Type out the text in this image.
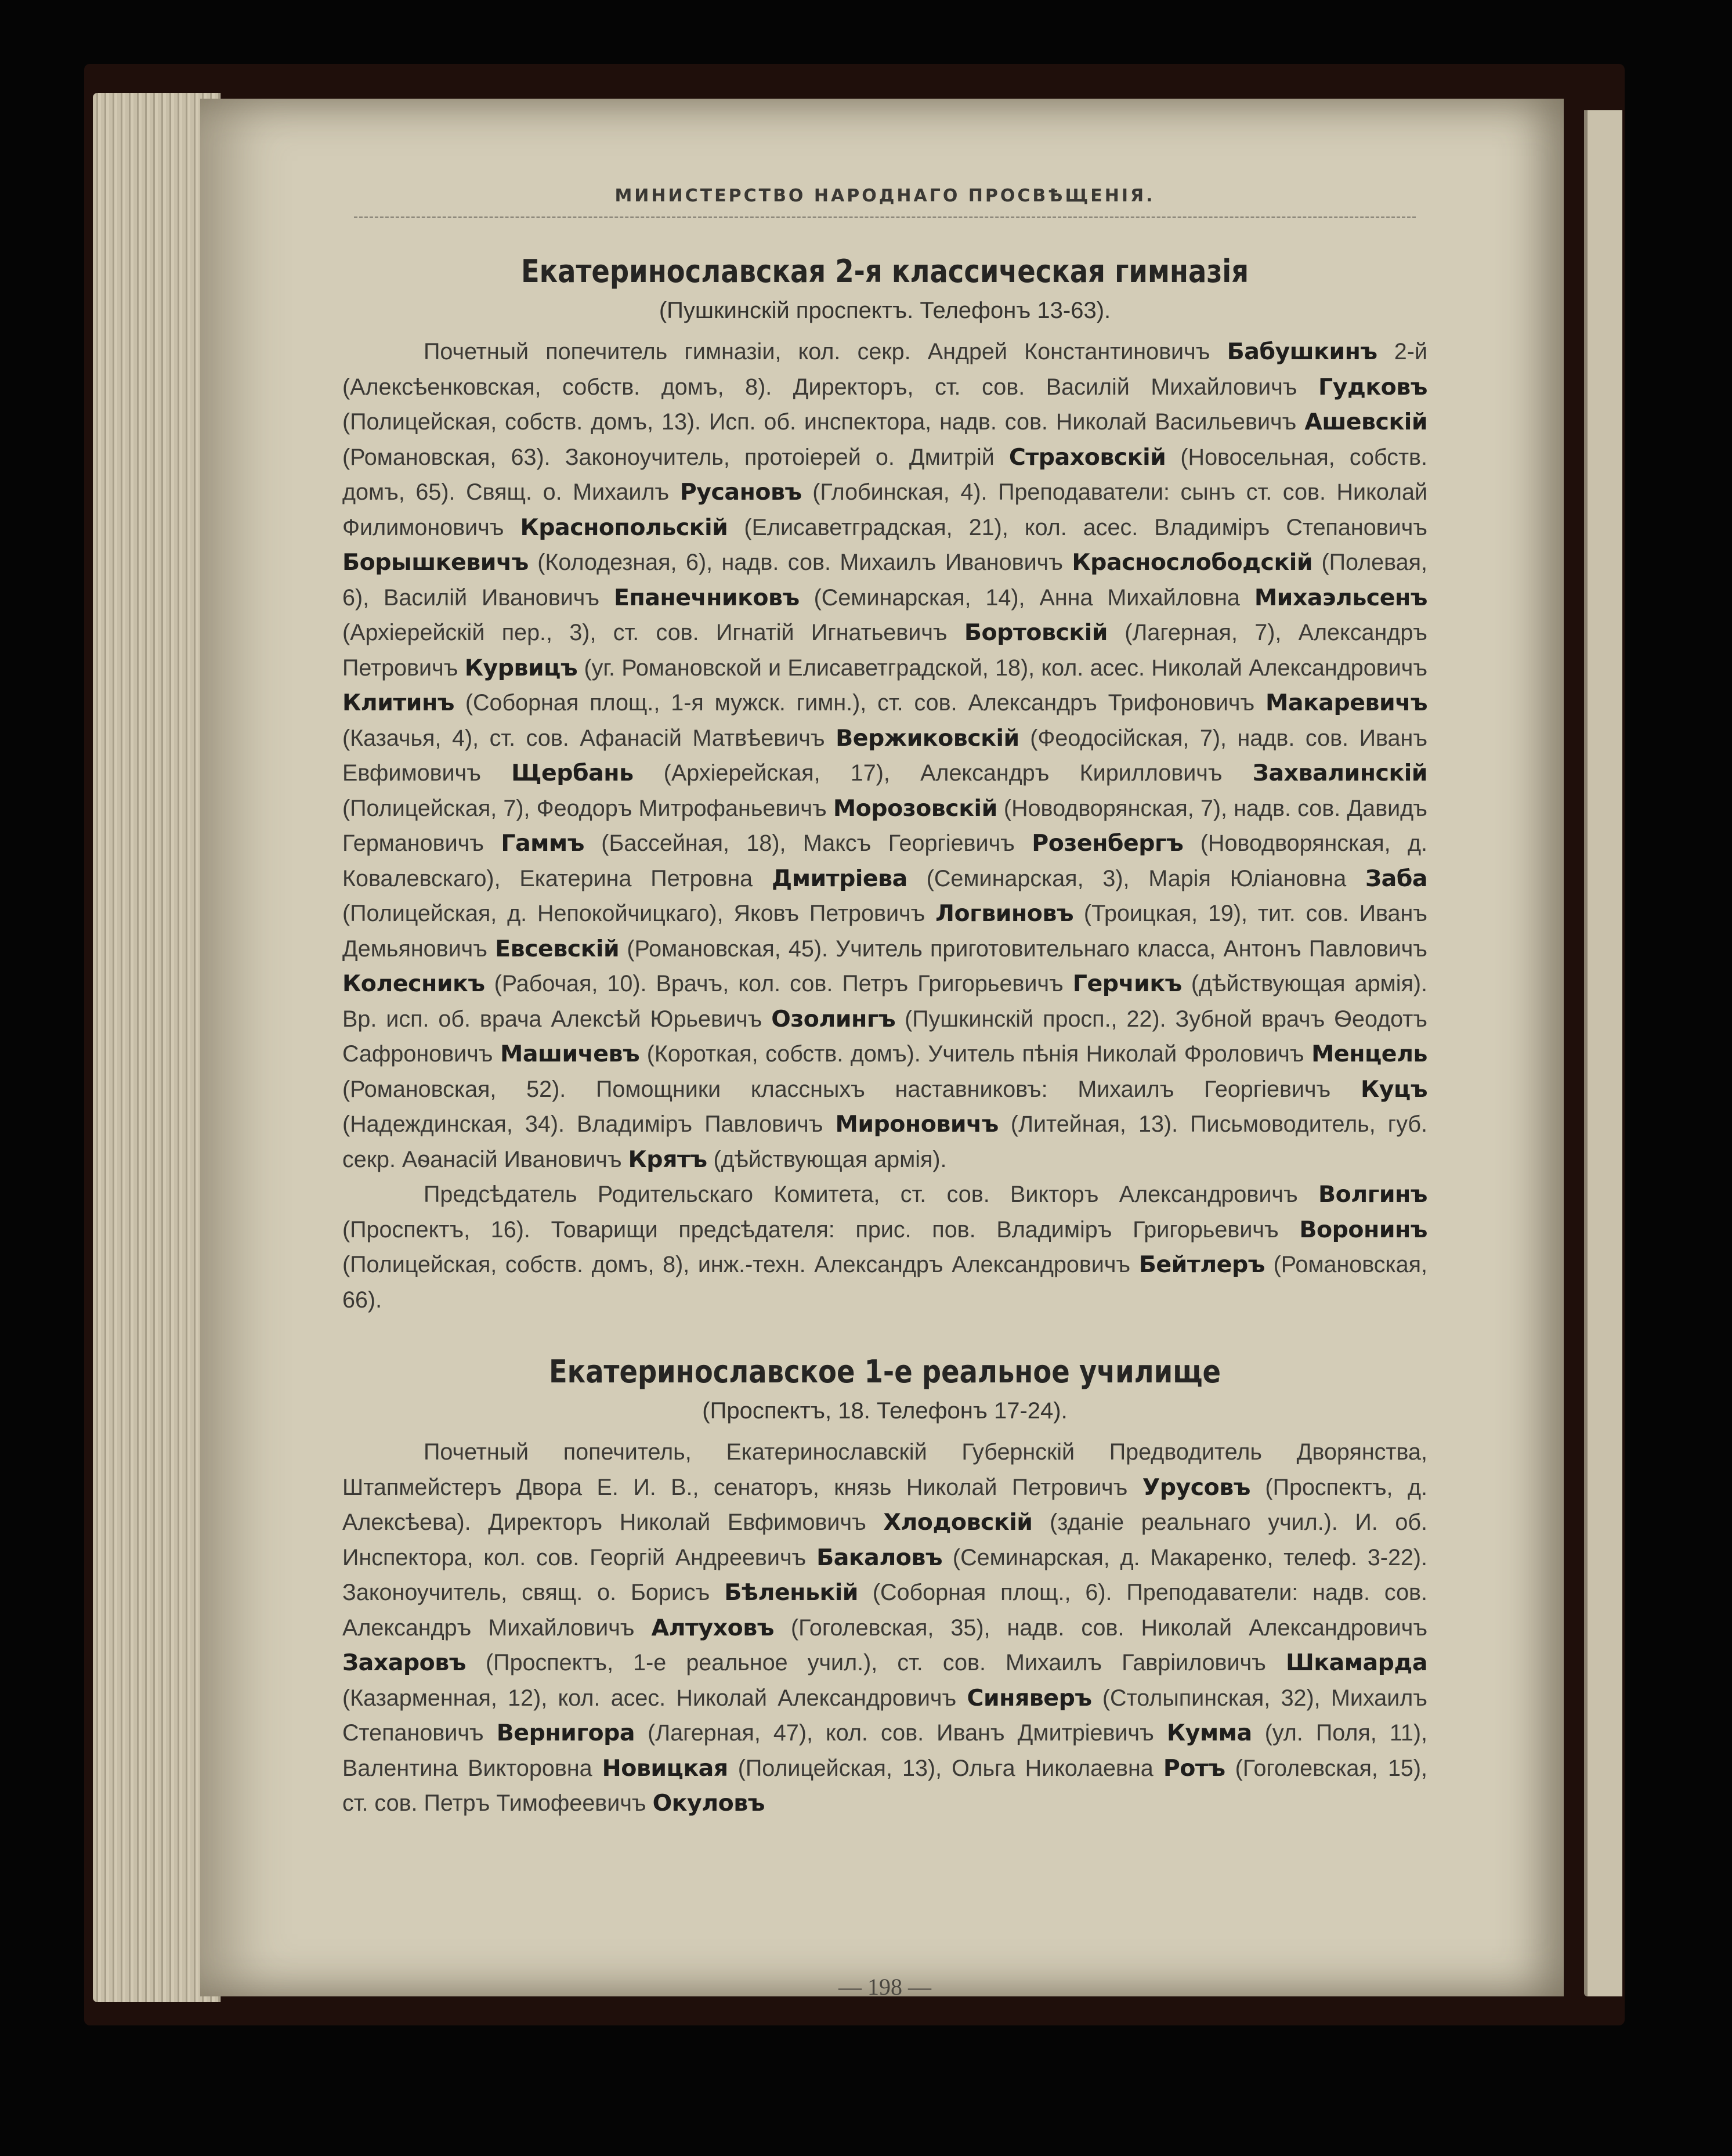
МИНИСТЕРСТВО НАРОДНАГО ПРОСВѢЩЕНІЯ.
Екатеринославская 2-я классическая гимназія
(Пушкинскій проспектъ. Телефонъ 13-63).

Почетный попечитель гимназіи, кол. секр. Андрей Константиновичъ Бабушкинъ 2-й (Алексѣенковская, собств. домъ, 8). Директоръ, ст. сов. Василій Михайловичъ Гудковъ (Полицейская, собств. домъ, 13). Исп. об. инспектора, надв. сов. Николай Васильевичъ Ашевскій (Романовская, 63). Законоучитель, протоіерей о. Дмитрій Страховскій (Новосельная, собств. домъ, 65). Свящ. о. Михаилъ Русановъ (Глобинская, 4). Преподаватели: сынъ ст. сов. Николай Филимоновичъ Краснопольскій (Елисаветградская, 21), кол. асес. Владиміръ Степановичъ Борышкевичъ (Колодезная, 6), надв. сов. Михаилъ Ивановичъ Краснослободскій (Полевая, 6), Василій Ивановичъ Епанечниковъ (Семинарская, 14), Анна Михайловна Михаэльсенъ (Архіерейскій пер., 3), ст. сов. Игнатій Игнатьевичъ Бортовскій (Лагерная, 7), Александръ Петровичъ Курвицъ (уг. Романовской и Елисаветградской, 18), кол. асес. Николай Александровичъ Клитинъ (Соборная площ., 1-я мужск. гимн.), ст. сов. Александръ Трифоновичъ Макаревичъ (Казачья, 4), ст. сов. Афанасій Матвѣевичъ Вержиковскій (Феодосійская, 7), надв. сов. Иванъ Евфимовичъ Щербань (Архіерейская, 17), Александръ Кирилловичъ Захвалинскій (Полицейская, 7), Феодоръ Митрофаньевичъ Морозовскій (Новодворянская, 7), надв. сов. Давидъ Германовичъ Гаммъ (Бассейная, 18), Максъ Георгіевичъ Розенбергъ (Новодворянская, д. Ковалевскаго), Екатерина Петровна Дмитріева (Семинарская, 3), Марія Юліановна Заба (Полицейская, д. Непокойчицкаго), Яковъ Петровичъ Логвиновъ (Троицкая, 19), тит. сов. Иванъ Демьяновичъ Евсевскій (Романовская, 45). Учитель приготовительнаго класса, Антонъ Павловичъ Колесникъ (Рабочая, 10). Врачъ, кол. сов. Петръ Григорьевичъ Герчикъ (дѣйствующая армія). Вр. исп. об. врача Алексѣй Юрьевичъ Озолингъ (Пушкинскій просп., 22). Зубной врачъ Ѳеодотъ Сафроновичъ Машичевъ (Короткая, собств. домъ). Учитель пѣнія Николай Фроловичъ Менцель (Романовская, 52). Помощники классныхъ наставниковъ: Михаилъ Георгіевичъ Куцъ (Надеждинская, 34). Владиміръ Павловичъ Мироновичъ (Литейная, 13). Письмоводитель, губ. секр. Аѳанасій Ивановичъ Крятъ (дѣйствующая армія).

Предсѣдатель Родительскаго Комитета, ст. сов. Викторъ Александровичъ Волгинъ (Проспектъ, 16). Товарищи предсѣдателя: прис. пов. Владиміръ Григорьевичъ Воронинъ (Полицейская, собств. домъ, 8), инж.-техн. Александръ Александровичъ Бейтлеръ (Романовская, 66).

Екатеринославское 1-е реальное училище
(Проспектъ, 18. Телефонъ 17-24).

Почетный попечитель, Екатеринославскій Губернскій Предводитель Дворянства, Штапмейстеръ Двора Е. И. В., сенаторъ, князь Николай Петровичъ Урусовъ (Проспектъ, д. Алексѣева). Директоръ Николай Евфимовичъ Хлодовскій (зданіе реальнаго учил.). И. об. Инспектора, кол. сов. Георгій Андреевичъ Бакаловъ (Семинарская, д. Макаренко, телеф. 3-22). Законоучитель, свящ. о. Борисъ Бѣленькій (Соборная площ., 6). Преподаватели: надв. сов. Александръ Михайловичъ Алтуховъ (Гоголевская, 35), надв. сов. Николай Александровичъ Захаровъ (Проспектъ, 1-е реальное учил.), ст. сов. Михаилъ Гавріиловичъ Шкамарда (Казарменная, 12), кол. асес. Николай Александровичъ Синяверъ (Столыпинская, 32), Михаилъ Степановичъ Вернигора (Лагерная, 47), кол. сов. Иванъ Дмитріевичъ Кумма (ул. Поля, 11), Валентина Викторовна Новицкая (Полицейская, 13), Ольга Николаевна Ротъ (Гоголевская, 15), ст. сов. Петръ Тимофеевичъ Окуловъ

— 198 —
